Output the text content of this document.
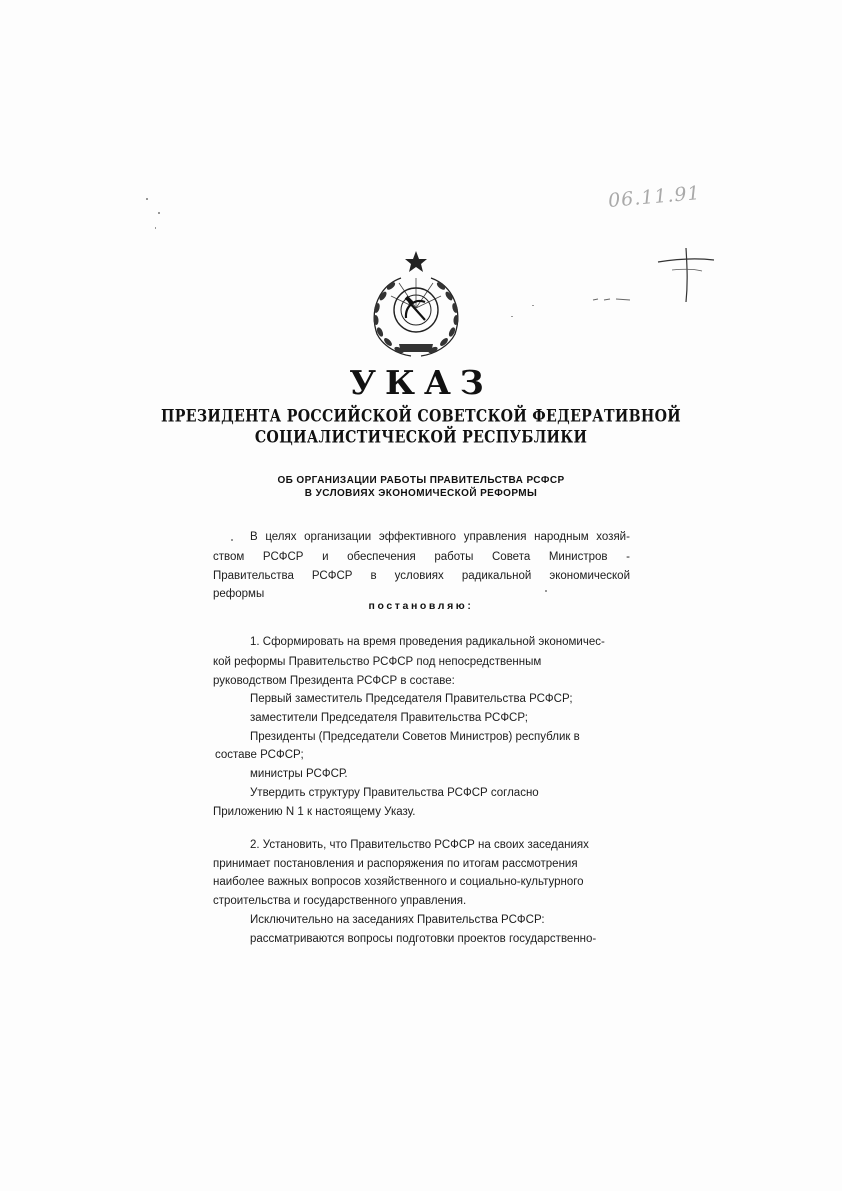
06.11.91
УКАЗ
ПРЕЗИДЕНТА РОССИЙСКОЙ СОВЕТСКОЙ ФЕДЕРАТИВНОЙ
СОЦИАЛИСТИЧЕСКОЙ РЕСПУБЛИКИ
ОБ ОРГАНИЗАЦИИ РАБОТЫ ПРАВИТЕЛЬСТВА РСФСР
В УСЛОВИЯХ ЭКОНОМИЧЕСКОЙ РЕФОРМЫ
В целях организации эффективного управления народным хозяй-
ством РСФСР и обеспечения работы Совета Министров -
Правительства РСФСР в условиях радикальной экономической
реформы
постановляю:
1. Сформировать на время проведения радикальной экономичес-
кой реформы Правительство РСФСР под непосредственным
руководством Президента РСФСР в составе:
Первый заместитель Председателя Правительства РСФСР;
заместители Председателя Правительства РСФСР;
Президенты (Председатели Советов Министров) республик в
составе РСФСР;
министры РСФСР.
Утвердить структуру Правительства РСФСР согласно
Приложению N 1 к настоящему Указу.
2. Установить, что Правительство РСФСР на своих заседаниях
принимает постановления и распоряжения по итогам рассмотрения
наиболее важных вопросов хозяйственного и социально-культурного
строительства и государственного управления.
Исключительно на заседаниях Правительства РСФСР:
рассматриваются вопросы подготовки проектов государственно-
